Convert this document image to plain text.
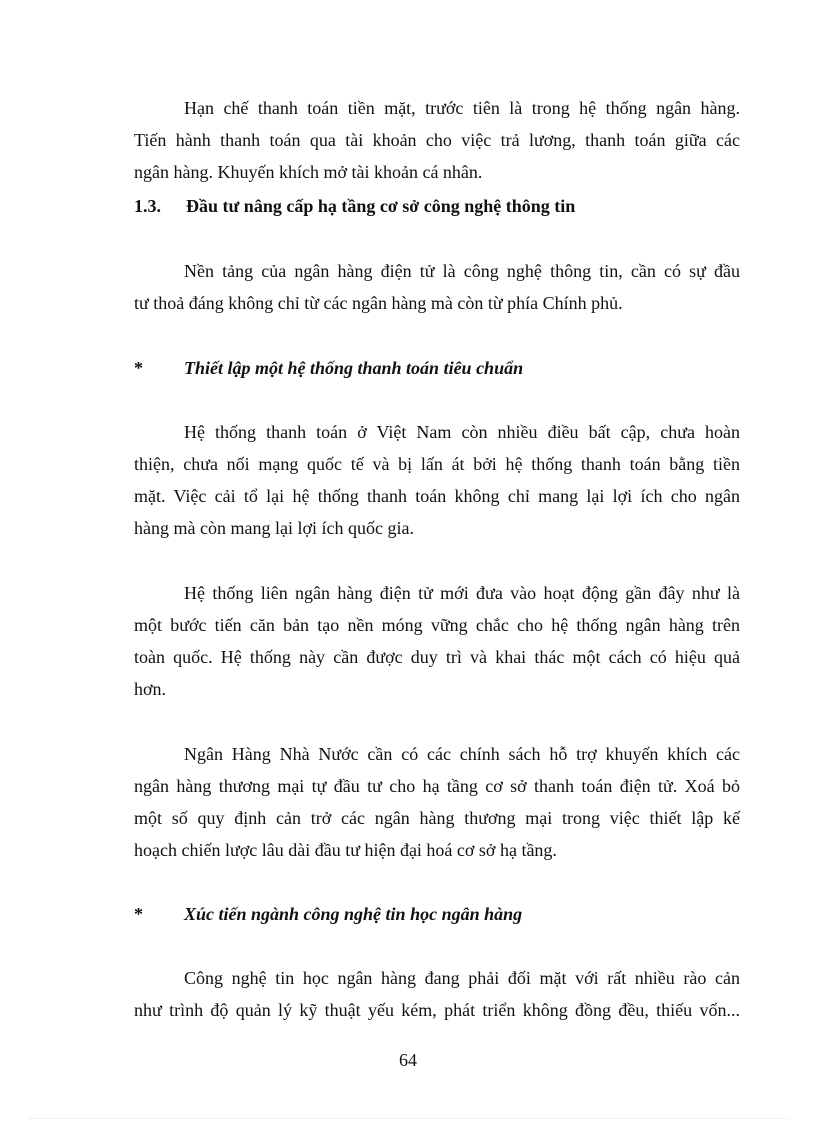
Hạn chế thanh toán tiền mặt, trước tiên là trong hệ thống ngân hàng.
Tiến hành thanh toán qua tài khoản cho việc trả lương, thanh toán giữa các
ngân hàng. Khuyến khích mở tài khoản cá nhân.
1.3. Đầu tư nâng cấp hạ tầng cơ sở công nghệ thông tin
Nền tảng của ngân hàng điện tử là công nghệ thông tin, cần có sự đầu
tư thoả đáng không chỉ từ các ngân hàng mà còn từ phía Chính phủ.
* Thiết lập một hệ thống thanh toán tiêu chuẩn
Hệ thống thanh toán ở Việt Nam còn nhiều điều bất cập, chưa hoàn
thiện, chưa nối mạng quốc tế và bị lấn át bởi hệ thống thanh toán bằng tiền
mặt. Việc cải tổ lại hệ thống thanh toán không chỉ mang lại lợi ích cho ngân
hàng mà còn mang lại lợi ích quốc gia.
Hệ thống liên ngân hàng điện tử mới đưa vào hoạt động gần đây như là
một bước tiến căn bản tạo nền móng vững chắc cho hệ thống ngân hàng trên
toàn quốc. Hệ thống này cần được duy trì và khai thác một cách có hiệu quả
hơn.
Ngân Hàng Nhà Nước cần có các chính sách hỗ trợ khuyến khích các
ngân hàng thương mại tự đầu tư cho hạ tầng cơ sở thanh toán điện tử. Xoá bỏ
một số quy định cản trở các ngân hàng thương mại trong việc thiết lập kế
hoạch chiến lược lâu dài đầu tư hiện đại hoá cơ sở hạ tầng.
* Xúc tiến ngành công nghệ tin học ngân hàng
Công nghệ tin học ngân hàng đang phải đối mặt với rất nhiều rào cản
như trình độ quản lý kỹ thuật yếu kém, phát triển không đồng đều, thiếu vốn...
64
